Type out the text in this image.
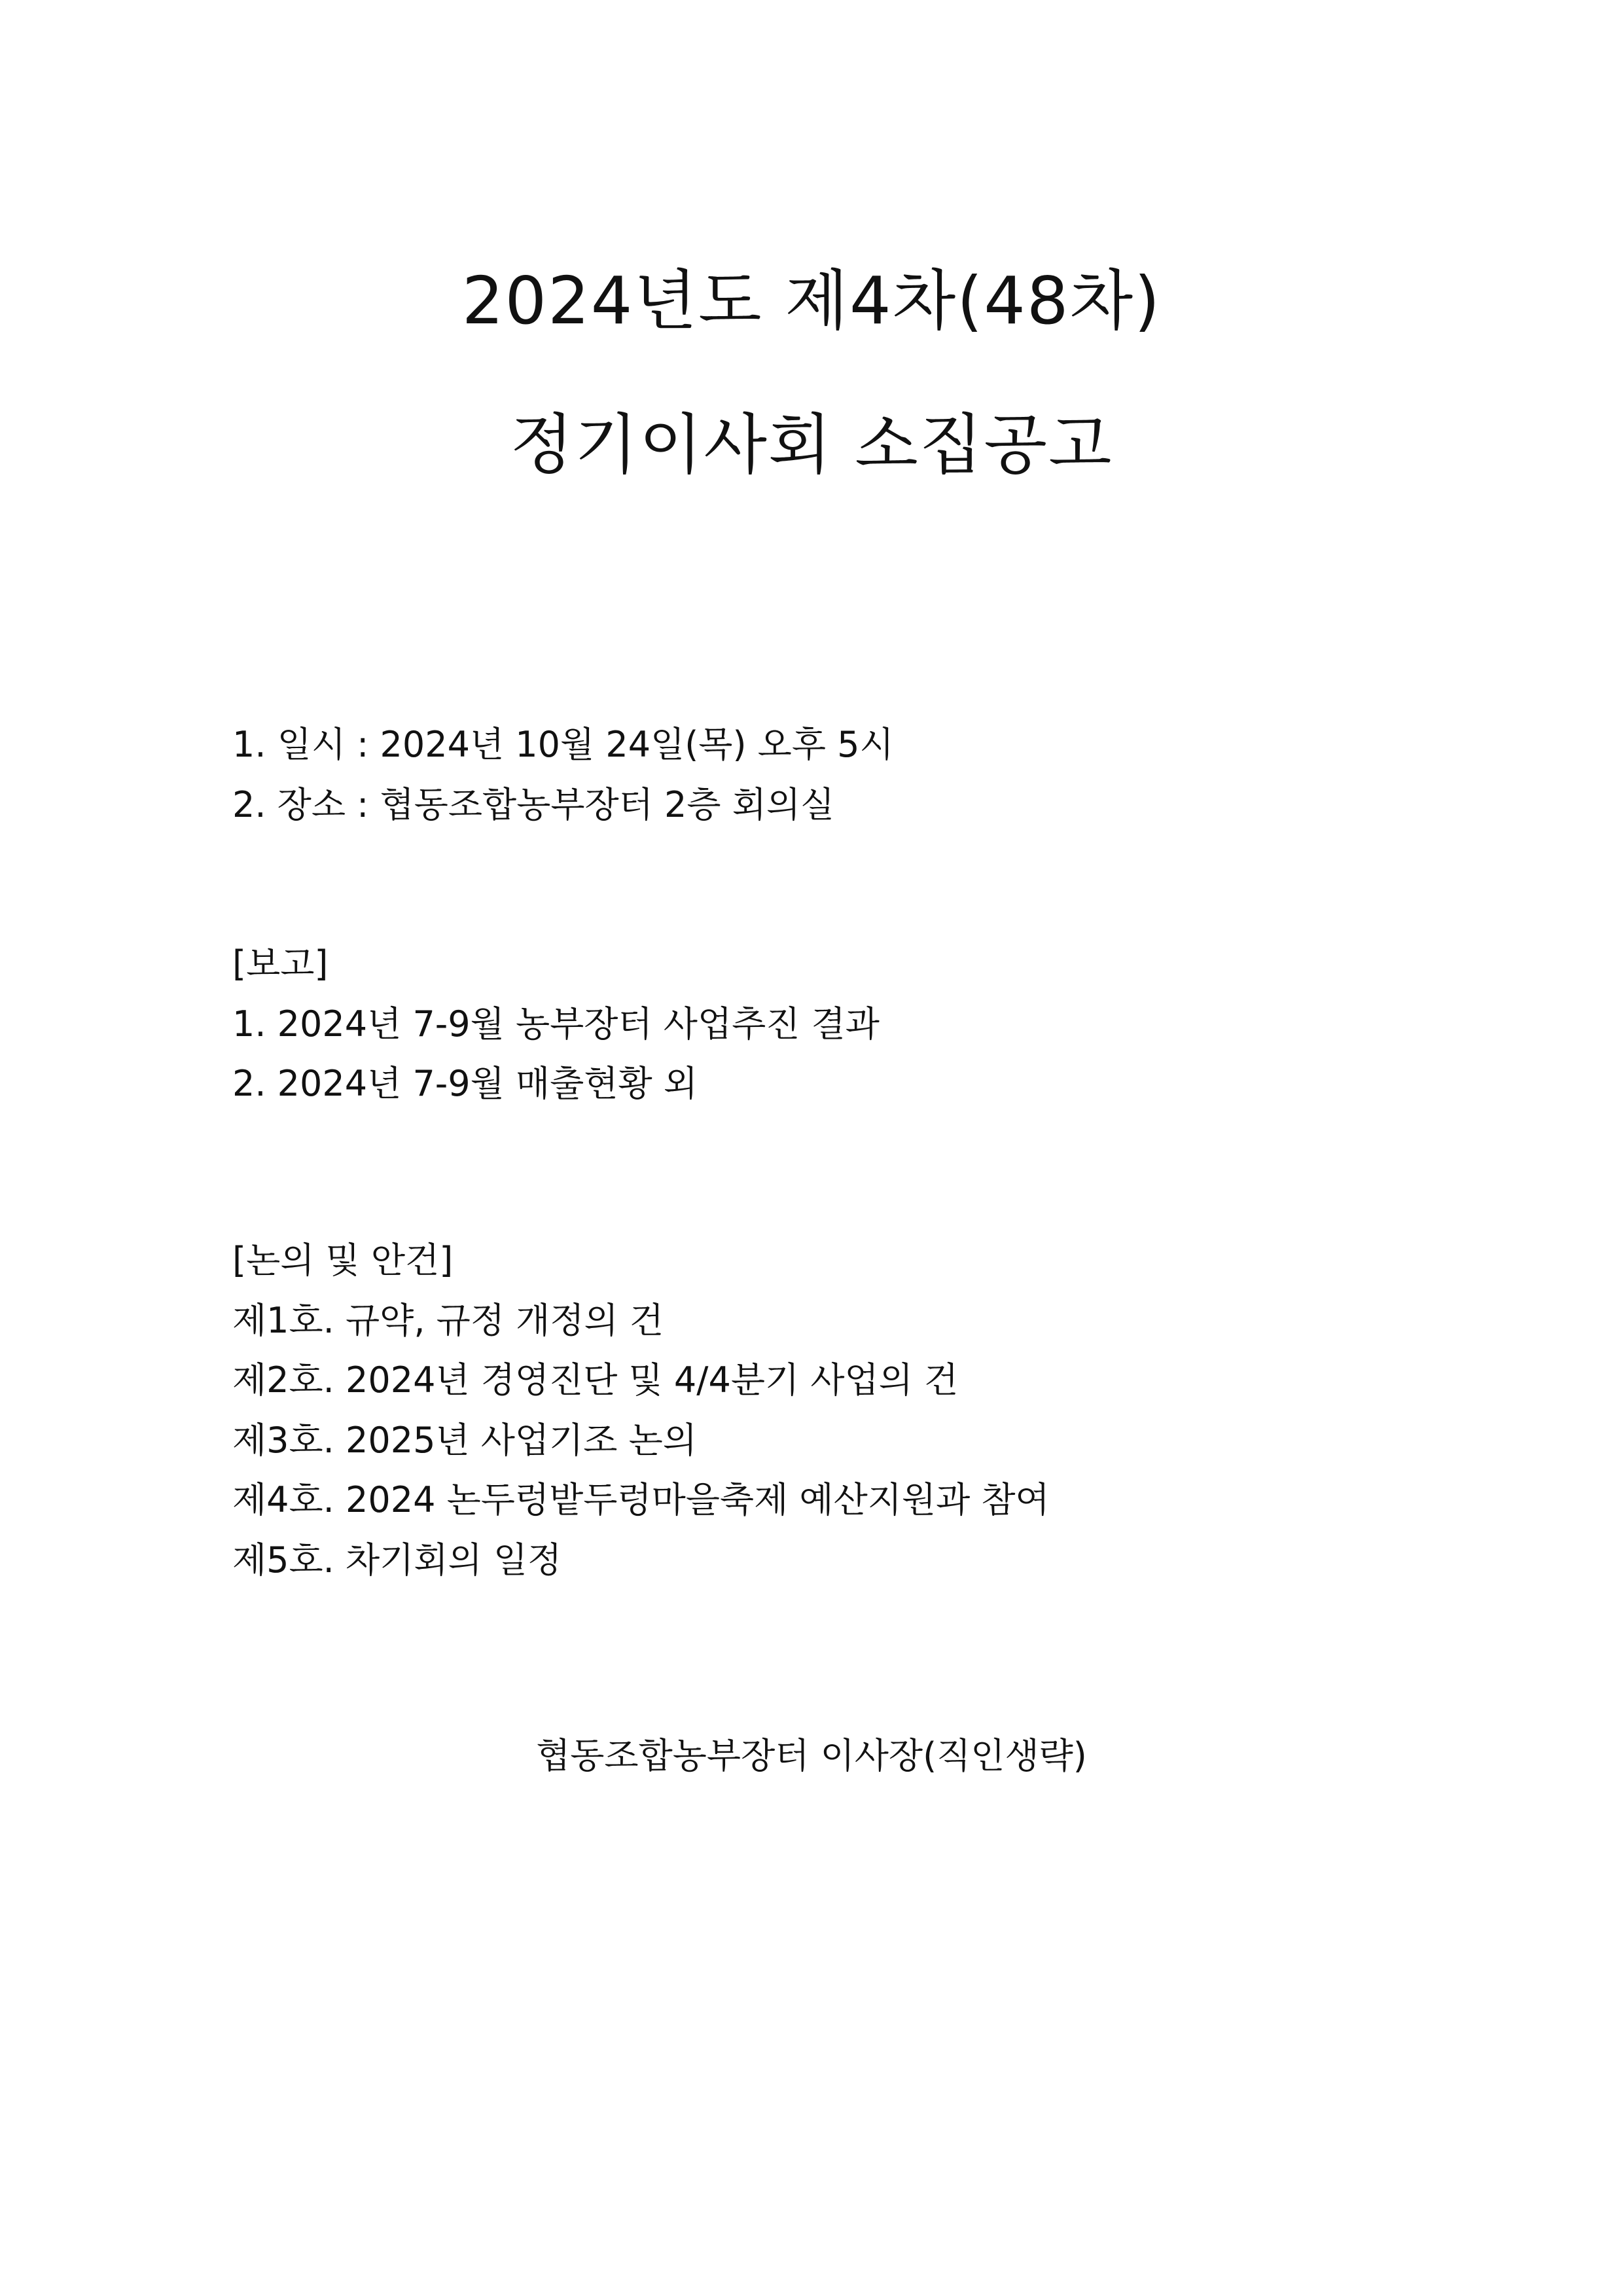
2024년도 제4차(48차)
정기이사회 소집공고
1. 일시 : 2024년 10월 24일(목) 오후 5시
2. 장소 : 협동조합농부장터 2층 회의실
[보고]
1. 2024년 7-9월 농부장터 사업추진 결과
2. 2024년 7-9월 매출현황 외
[논의 및 안건]
제1호. 규약, 규정 개정의 건
제2호. 2024년 경영진단 및 4/4분기 사업의 건
제3호. 2025년 사업기조 논의
제4호. 2024 논두렁밭두렁마을축제 예산지원과 참여
제5호. 차기회의 일정
협동조합농부장터 이사장(직인생략)
